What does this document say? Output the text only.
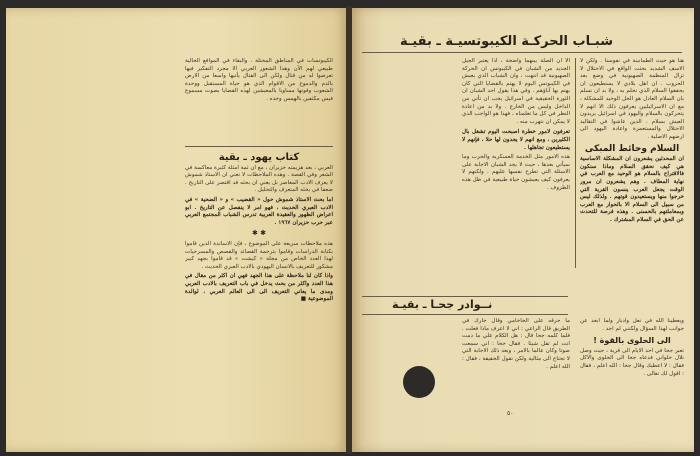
الكيبوتسات في المناطق المحتلة . والبقاء في المواقع الحالية طبيعي لهم الآن وهذا الشعور العربي الا مجرد التفكير فيها تعرضوا له من قتال ولكن الى القتال يأتيها واسعا من الارض بالدم والدموع من الاقوام الذي هو حياة المستقبل ووحدة الشعوب وقوتها مساويا بالمعيشين لهذه القضايا بصوت مسموع فيس مكثفين بالهمس وحده .
كتاب يهود ـ بقية
العربي ، بعد هزيمته حزيران ، مع ان ثمة امثلة كثيرة معاكسة في الشعر وفي القصة . وهذه الملاحظات لا تعني ان الاستاذ شموش لا يعرف الادب المعاصر بل يعني ان بحثه قد اقتصر على التاريخ . ضعفا في بحثه المتعرف والتحليل .
اما بحث الاستاذ شموش حول « القضيب » و « الضحية » في الادب العبري الحديث ، فهو امر لا ينفصل عن التاريخ . ابو اعراض الظهور والعقيدة العربية تدرس الشباب المجتمع العربي عبر حرب حزيران ١٩٦٧ .
✱ ✱
هذه ملاحظات سريعة على الموضوع ، فإن الاساتذة الذين قاموا بكتابة الدراسات وقاموا بترجمة القصائد والقصص والمسرحيات لهذا العدد الخاص من مجلة « كيشت » قد قاموا بجهد كبير مشكور للتعريف بالانسان اليهودي بالادب العبري الحديث .
واذا كان لنا ملاحظة على هذا الجهد فهي ان اكثر من مقال في هذا العدد واكثر من بحث يدخل في باب التعريف بالادب العربي ومدى ما يعاني التعريف الى الى العالم العربي ، لوالدة الموضوعية ■
شبـاب الحركـة الكيبوتسيـة ـ بقيـة
هنا هو حيث الطمأنينة في نفوسنا . ولكن لا الاسف الشديد بحثت الواقع في الاحتلال لا تزال المنظمة الصهيونية في وضع بعد الحروب . ان اهل بلادي لا يستطيعون ان يحققوا السلام الذي نحلم به ، ولا بد ان نسلم بان السلام العادل هو الحل الوحيد للمشكلة ، مع ان الاسرائيليين يعرفون ذلك الا انهم لا يتحركون بالسلام واليهود في اسرائيل يريدون العيش بسلام . الذين عاشوا في التقاليد الاحتلال والمستعمرة واعادة اليهود الى ارضهم الاصلية .
السلام وحائط المبكى
ان المحدثين يشعرون ان المشكلة الاساسية هي كيف نحقق السلام وماذا سنكون فالاقتراح بالسلام هو الوحيد مع العرب في نهاية المطاف . وهم يشعرون ان مرور الوقت يجعل العرب ينسون القرية التي خرجوا منها ويستعيدون قوتهم . ولذلك ليس من سبيل الى السلام الا بالحوار مع العرب وبمعاملتهم بالحسنى . وهذه فرصة للتحدث عن الحق في السلام المشترك .
الا ان الصلة بينهما واضحة ، اذا يعتبر الجيل الجديد من الشبان في الكيبوتس ان الحركة الصهيونية قد انتهت ، وان الشباب الذي يعيش في الكيبوتس اليوم لا يهتم بالقضايا التي كان يهتم بها آباؤهم . وفي هذا يقول احد الشبان ان الثورة الحقيقية في اسرائيل يجب ان تأتي من الداخل وليس من الخارج . ولا بد من اعادة النظر في كل ما تعلمناه ، فهذا هو الواجب الذي لا يمكن ان نتهرب منه .
تعرفون لامور خطرة اصبحت اليوم تشغل بال الكثيرين ، ومع انهم لا يجدون لها حلا ، فإنهم لا يستطيعون تجاهلها .
هذه الامور مثل الخدمة العسكرية والحرب وما سيأتي بعدها ، حيث لا يجد الشبان الاجابة على الاسئلة التي تطرح نفسها عليهم . ولكنهم لا يعرفون كيف يعيشون حياة طبيعية في ظل هذه الظروف .
نــوادر جحـا ـ بقيـة
ما حرقه على الحاخامي وقال جارك في الطريق قال الراعي : اني لا اعرف ماذا فعلت . فلما كلمه جحا قال : هل الكلام علي ما دمت انت لم تقل شيئا . فقال جحا : اني سمعت صوتا وكان عالما بالامر ، وبعد ذلك الاجابة التي لا تحتاج الى مثالية ولكن تقول الحقيقة ، فقال : الله اعلم .
ويعطينا الله في نعل وادبار ولما ابعد عن جوانب لهذا السؤال ولكنني لم احد .
الى الحلوى بالقوة !
تعبر جحا في احد الايام الى قرية ، حيث وصل تلال حلواني فدعاه جحا الى الحلوى والاكل فقال : لا اعطيك وقال جحا : الله اعلم ، فقال : اقول لك تعالى .
٥٠
